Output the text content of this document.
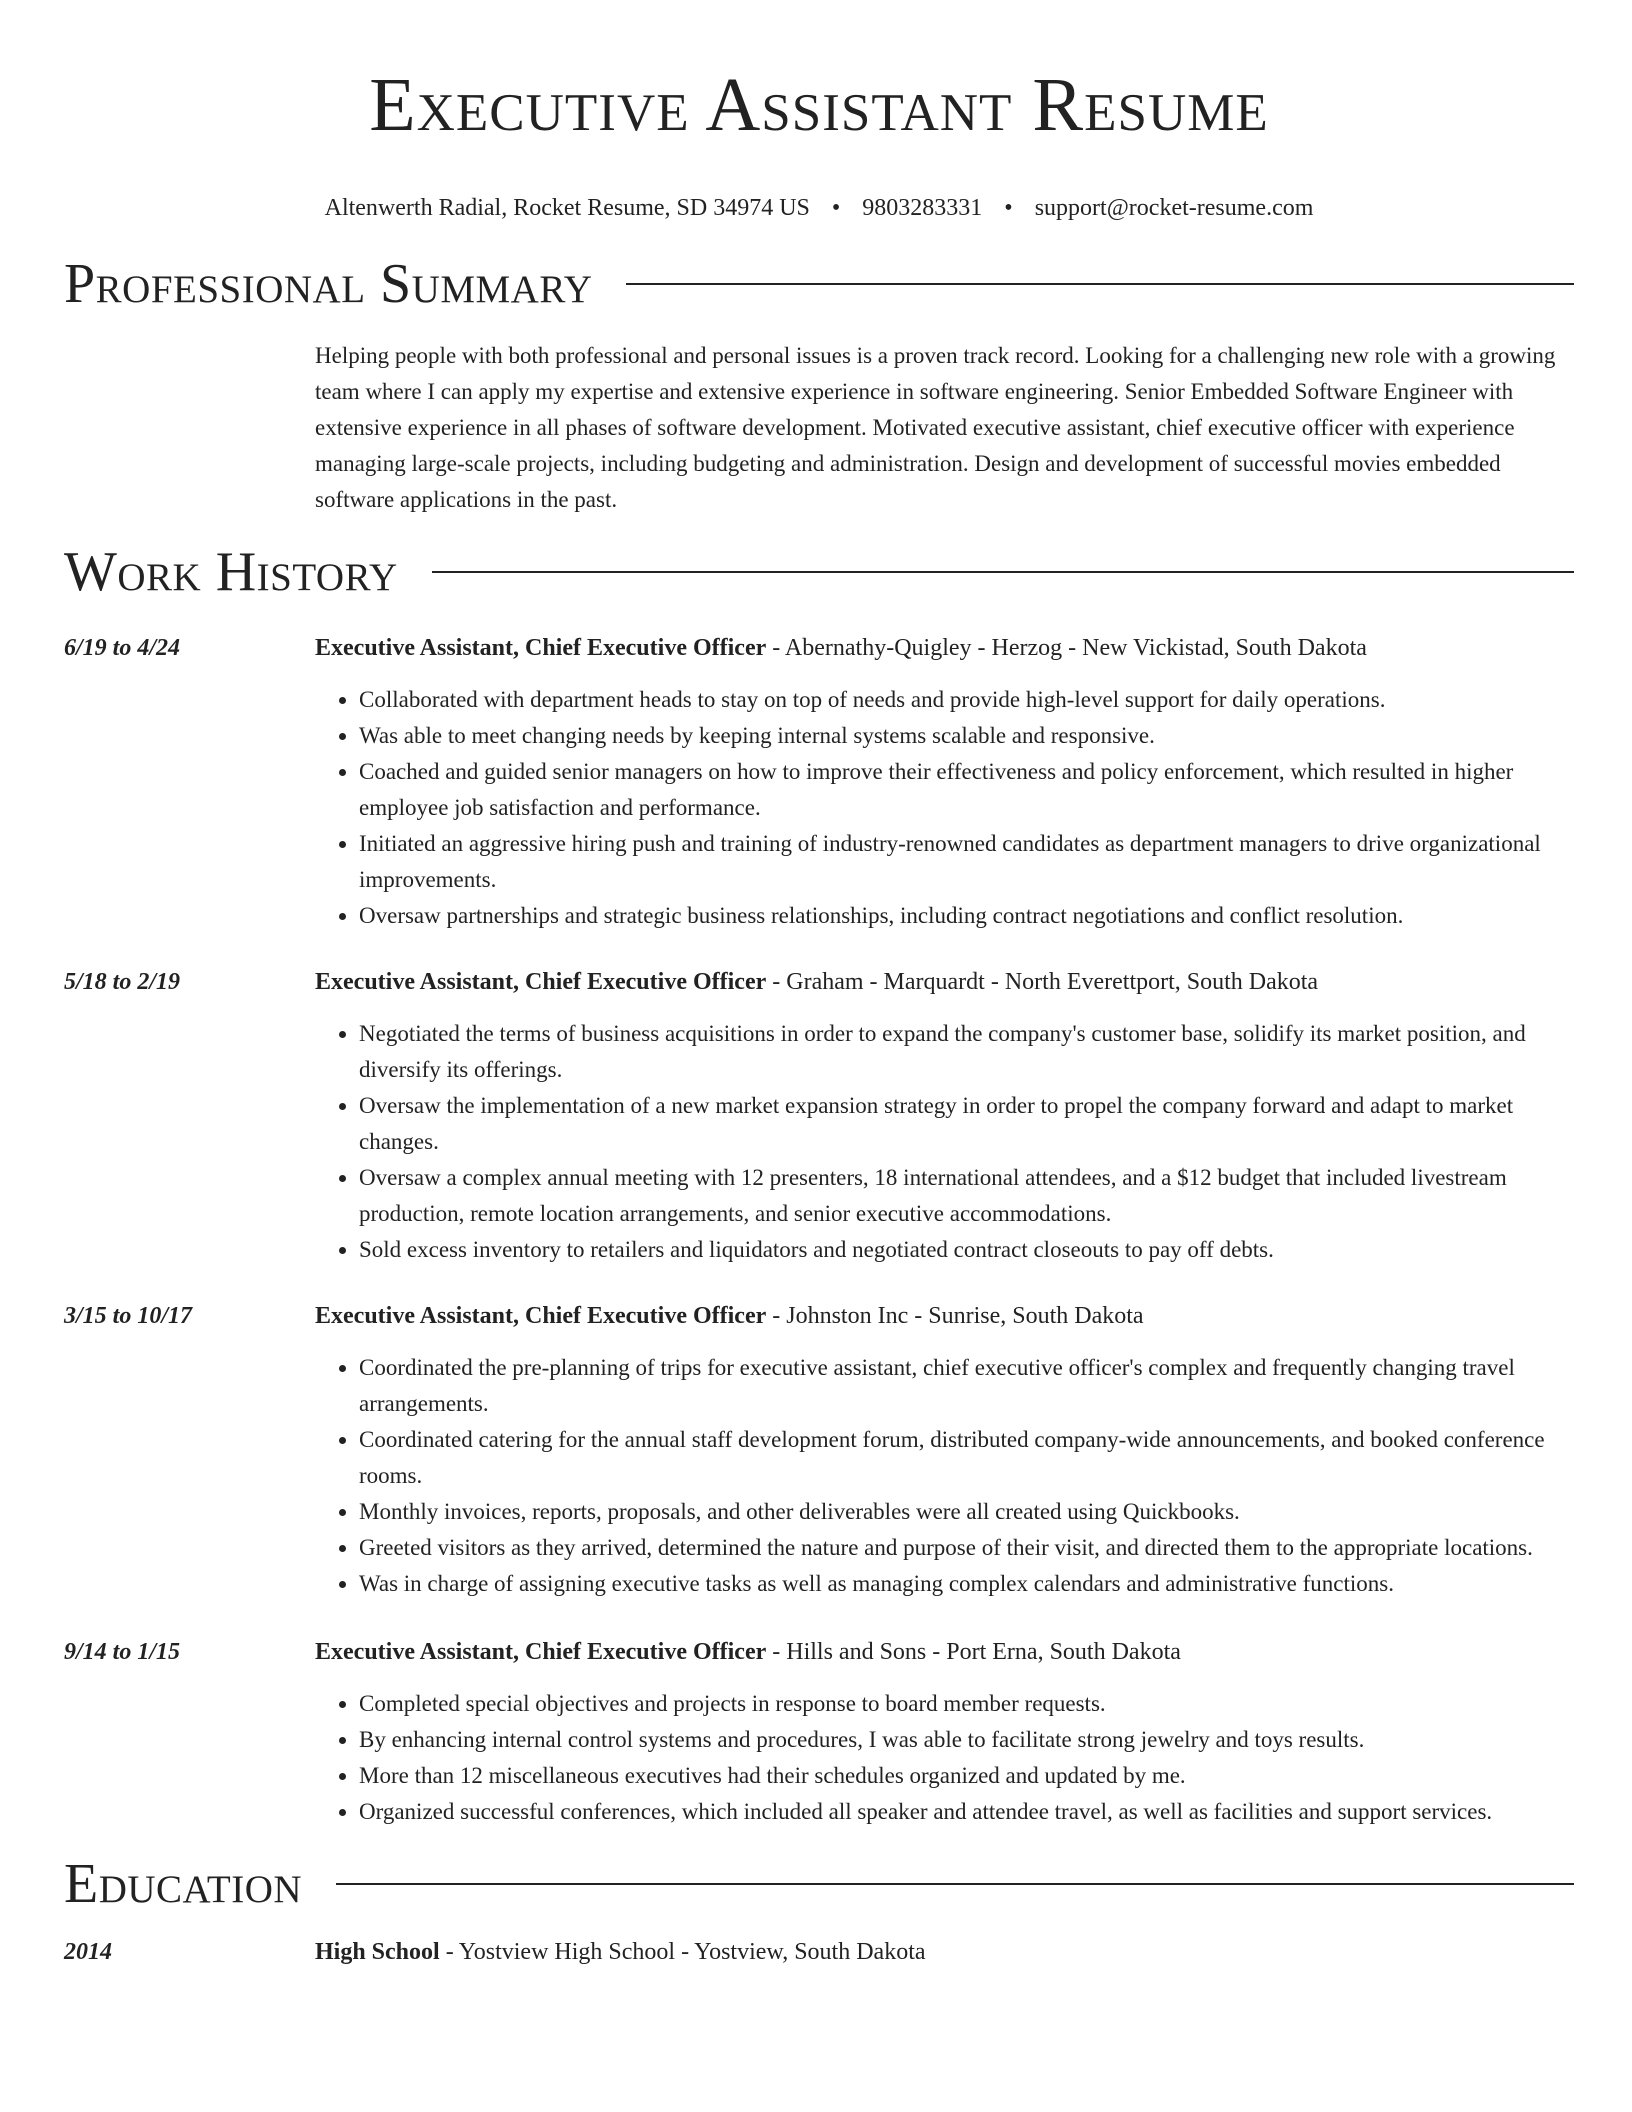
Executive Assistant Resume
Altenwerth Radial, Rocket Resume, SD 34974 US • 9803283331 • support@rocket-resume.com
Professional Summary

Helping people with both professional and personal issues is a proven track record. Looking for a challenging new role with a growing team where I can apply my expertise and extensive experience in software engineering. Senior Embedded Software Engineer with extensive experience in all phases of software development. Motivated executive assistant, chief executive officer with experience managing large-scale projects, including budgeting and administration. Design and development of successful movies embedded software applications in the past.

Work History
6/19 to 4/24	Executive Assistant, Chief Executive Officer - Abernathy-Quigley - Herzog - New Vickistad, South Dakota
• Collaborated with department heads to stay on top of needs and provide high-level support for daily operations.
• Was able to meet changing needs by keeping internal systems scalable and responsive.
• Coached and guided senior managers on how to improve their effectiveness and policy enforcement, which resulted in higher employee job satisfaction and performance.
• Initiated an aggressive hiring push and training of industry-renowned candidates as department managers to drive organizational improvements.
• Oversaw partnerships and strategic business relationships, including contract negotiations and conflict resolution.
5/18 to 2/19	Executive Assistant, Chief Executive Officer - Graham - Marquardt - North Everettport, South Dakota
• Negotiated the terms of business acquisitions in order to expand the company's customer base, solidify its market position, and diversify its offerings.
• Oversaw the implementation of a new market expansion strategy in order to propel the company forward and adapt to market changes.
• Oversaw a complex annual meeting with 12 presenters, 18 international attendees, and a $12 budget that included livestream production, remote location arrangements, and senior executive accommodations.
• Sold excess inventory to retailers and liquidators and negotiated contract closeouts to pay off debts.
3/15 to 10/17	Executive Assistant, Chief Executive Officer - Johnston Inc - Sunrise, South Dakota
• Coordinated the pre-planning of trips for executive assistant, chief executive officer's complex and frequently changing travel arrangements.
• Coordinated catering for the annual staff development forum, distributed company-wide announcements, and booked conference rooms.
• Monthly invoices, reports, proposals, and other deliverables were all created using Quickbooks.
• Greeted visitors as they arrived, determined the nature and purpose of their visit, and directed them to the appropriate locations.
• Was in charge of assigning executive tasks as well as managing complex calendars and administrative functions.
9/14 to 1/15	Executive Assistant, Chief Executive Officer - Hills and Sons - Port Erna, South Dakota
• Completed special objectives and projects in response to board member requests.
• By enhancing internal control systems and procedures, I was able to facilitate strong jewelry and toys results.
• More than 12 miscellaneous executives had their schedules organized and updated by me.
• Organized successful conferences, which included all speaker and attendee travel, as well as facilities and support services.
Education
2014	High School - Yostview High School - Yostview, South Dakota
